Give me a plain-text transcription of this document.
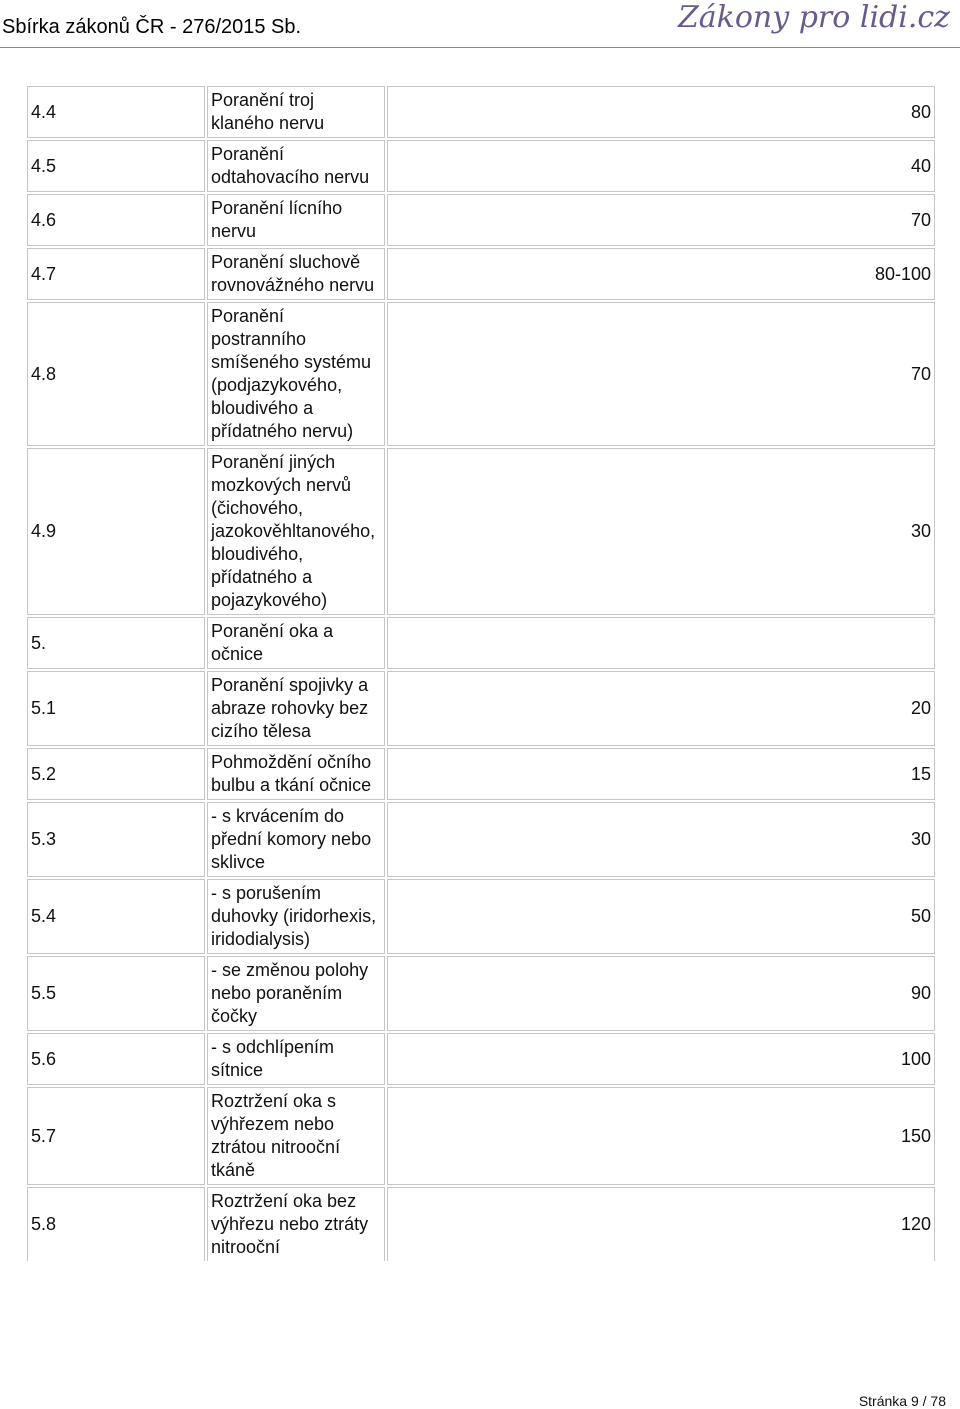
Sbírka zákonů ČR - 276/2015 Sb.	Zákony pro lidi.cz
4.4	Poranění troj klaného nervu	80
4.5	Poranění odtahovacího nervu	40
4.6	Poranění lícního nervu	70
4.7	Poranění sluchově rovnovážného nervu	80-100
4.8	Poranění postranního smíšeného systému (podjazykového, bloudivého a přídatného nervu)	70
4.9	Poranění jiných mozkových nervů (čichového, jazokověhltanového, bloudivého, přídatného a pojazykového)	30
5.	Poranění oka a očnice	
5.1	Poranění spojivky a abraze rohovky bez cizího tělesa	20
5.2	Pohmoždění očního bulbu a tkání očnice	15
5.3	- s krvácením do přední komory nebo sklivce	30
5.4	- s porušením duhovky (iridorhexis, iridodialysis)	50
5.5	- se změnou polohy nebo poraněním čočky	90
5.6	- s odchlípením sítnice	100
5.7	Roztržení oka s výhřezem nebo ztrátou nitrooční tkáně	150
5.8	Roztržení oka bez výhřezu nebo ztráty nitrooční	120
Stránka 9 / 78
